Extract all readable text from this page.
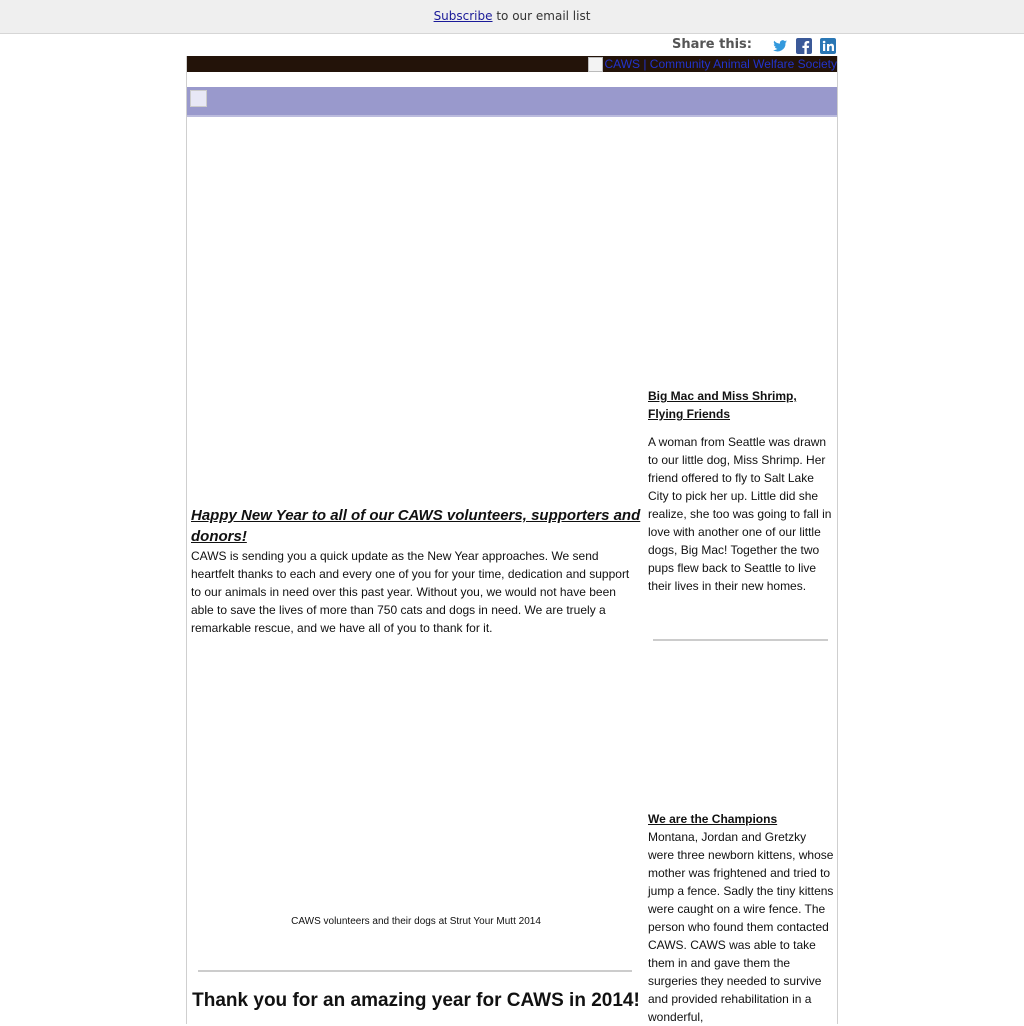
Subscribe to our email list
Share this:
CAWS | Community Animal Welfare Society

Happy New Year to all of our CAWS volunteers, supporters and donors!

CAWS is sending you a quick update as the New Year approaches. We send heartfelt thanks to each and every one of you for your time, dedication and support to our animals in need over this past year. Without you, we would not have been able to save the lives of more than 750 cats and dogs in need. We are truely a remarkable rescue, and we have all of you to thank for it.

CAWS volunteers and their dogs at Strut Your Mutt 2014

Thank you for an amazing year for CAWS in 2014!

Big Mac and Miss Shrimp, Flying Friends

A woman from Seattle was drawn to our little dog, Miss Shrimp. Her friend offered to fly to Salt Lake City to pick her up. Little did she realize, she too was going to fall in love with another one of our little dogs, Big Mac! Together the two pups flew back to Seattle to live their lives in their new homes.

We are the Champions

Montana, Jordan and Gretzky were three newborn kittens, whose mother was frightened and tried to jump a fence. Sadly the tiny kittens were caught on a wire fence. The person who found them contacted CAWS. CAWS was able to take them in and gave them the surgeries they needed to survive and provided rehabilitation in a wonderful,
